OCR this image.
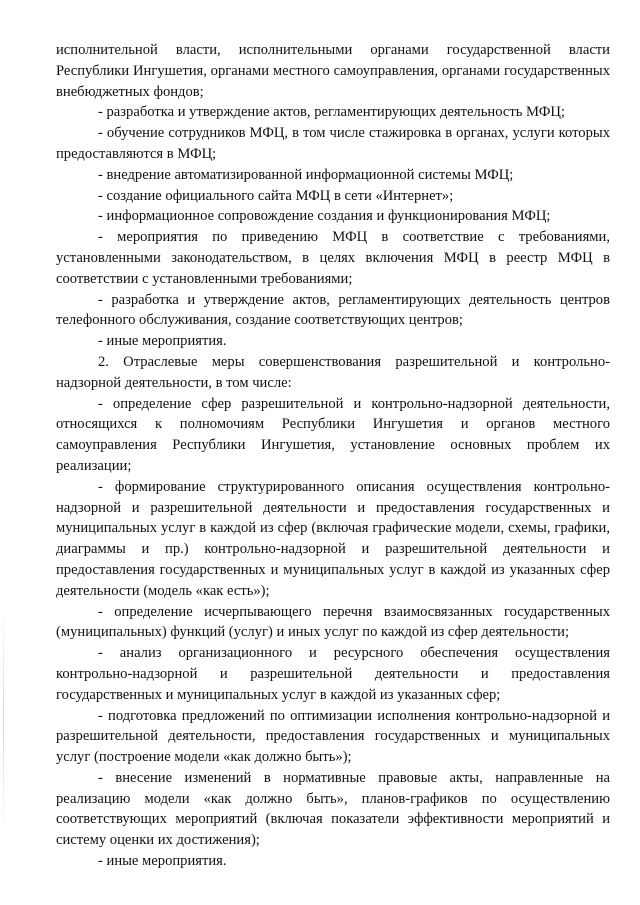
исполнительной власти, исполнительными органами государственной власти Республики Ингушетия, органами местного самоуправления, органами государственных внебюджетных фондов;

- разработка и утверждение актов, регламентирующих деятельность МФЦ;

- обучение сотрудников МФЦ, в том числе стажировка в органах, услуги которых предоставляются в МФЦ;

- внедрение автоматизированной информационной системы МФЦ;

- создание официального сайта МФЦ в сети «Интернет»;

- информационное сопровождение создания и функционирования МФЦ;

- мероприятия по приведению МФЦ в соответствие с требованиями, установленными законодательством, в целях включения МФЦ в реестр МФЦ в соответствии с установленными требованиями;

- разработка и утверждение актов, регламентирующих деятельность центров телефонного обслуживания, создание соответствующих центров;

- иные мероприятия.

2. Отраслевые меры совершенствования разрешительной и контрольно-надзорной деятельности, в том числе:

- определение сфер разрешительной и контрольно-надзорной деятельности, относящихся к полномочиям Республики Ингушетия и органов местного самоуправления Республики Ингушетия, установление основных проблем их реализации;

- формирование структурированного описания осуществления контрольно-надзорной и разрешительной деятельности и предоставления государственных и муниципальных услуг в каждой из сфер (включая графические модели, схемы, графики, диаграммы и пр.) контрольно-надзорной и разрешительной деятельности и предоставления государственных и муниципальных услуг в каждой из указанных сфер деятельности (модель «как есть»);

- определение исчерпывающего перечня взаимосвязанных государственных (муниципальных) функций (услуг) и иных услуг по каждой из сфер деятельности;

- анализ организационного и ресурсного обеспечения осуществления контрольно-надзорной и разрешительной деятельности и предоставления государственных и муниципальных услуг в каждой из указанных сфер;

- подготовка предложений по оптимизации исполнения контрольно-надзорной и разрешительной деятельности, предоставления государственных и муниципальных услуг (построение модели «как должно быть»);

- внесение изменений в нормативные правовые акты, направленные на реализацию модели «как должно быть», планов-графиков по осуществлению соответствующих мероприятий (включая показатели эффективности мероприятий и систему оценки их достижения);

- иные мероприятия.
